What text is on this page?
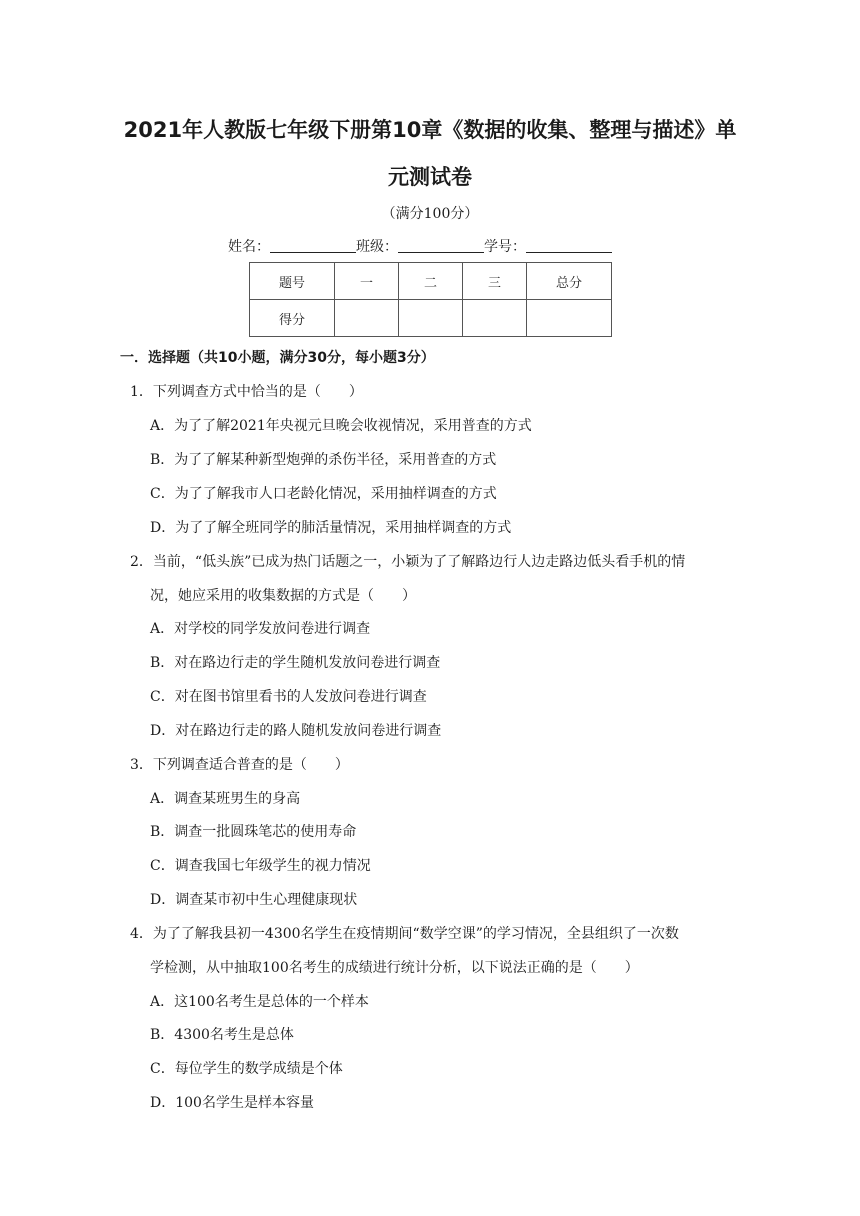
2021年人教版七年级下册第10章《数据的收集、整理与描述》单
元测试卷
（满分100分）
姓名：	班级：	学号：
题号	一	二	三	总分
得分				
一．选择题（共10小题，满分30分，每小题3分）
1．下列调查方式中恰当的是（　　）
A．为了了解2021年央视元旦晚会收视情况，采用普查的方式
B．为了了解某种新型炮弹的杀伤半径，采用普查的方式
C．为了了解我市人口老龄化情况，采用抽样调查的方式
D．为了了解全班同学的肺活量情况，采用抽样调查的方式
2．当前，“低头族”已成为热门话题之一，小颖为了了解路边行人边走路边低头看手机的情
况，她应采用的收集数据的方式是（　　）
A．对学校的同学发放问卷进行调查
B．对在路边行走的学生随机发放问卷进行调查
C．对在图书馆里看书的人发放问卷进行调查
D．对在路边行走的路人随机发放问卷进行调查
3．下列调查适合普查的是（　　）
A．调查某班男生的身高
B．调查一批圆珠笔芯的使用寿命
C．调查我国七年级学生的视力情况
D．调查某市初中生心理健康现状
4．为了了解我县初一4300名学生在疫情期间“数学空课”的学习情况，全县组织了一次数
学检测，从中抽取100名考生的成绩进行统计分析，以下说法正确的是（　　）
A．这100名考生是总体的一个样本
B．4300名考生是总体
C．每位学生的数学成绩是个体
D．100名学生是样本容量
